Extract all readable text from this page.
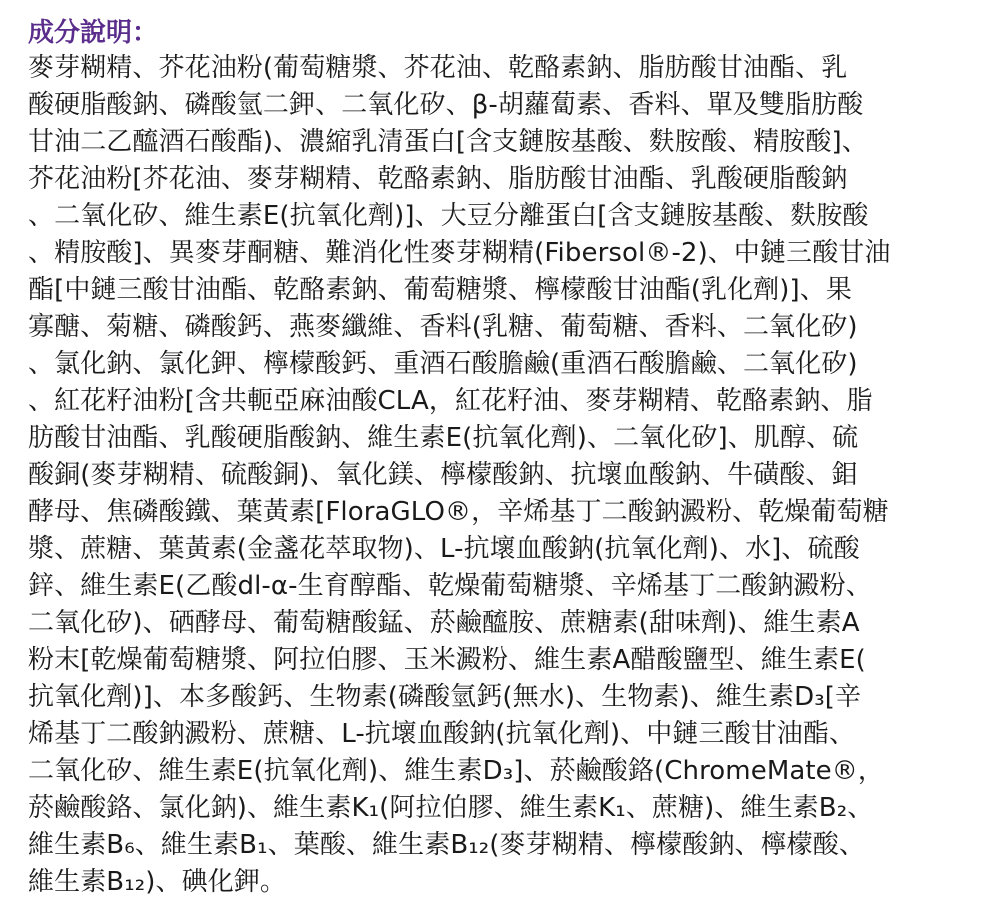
成分說明：
麥芽糊精、芥花油粉(葡萄糖漿、芥花油、乾酪素鈉、脂肪酸甘油酯、乳
酸硬脂酸鈉、磷酸氫二鉀、二氧化矽、β-胡蘿蔔素、香料、單及雙脂肪酸
甘油二乙醯酒石酸酯)、濃縮乳清蛋白[含支鏈胺基酸、麩胺酸、精胺酸]、
芥花油粉[芥花油、麥芽糊精、乾酪素鈉、脂肪酸甘油酯、乳酸硬脂酸鈉
、二氧化矽、維生素E(抗氧化劑)]、大豆分離蛋白[含支鏈胺基酸、麩胺酸
、精胺酸]、異麥芽酮糖、難消化性麥芽糊精(Fibersol®-2)、中鏈三酸甘油
酯[中鏈三酸甘油酯、乾酪素鈉、葡萄糖漿、檸檬酸甘油酯(乳化劑)]、果
寡醣、菊糖、磷酸鈣、燕麥纖維、香料(乳糖、葡萄糖、香料、二氧化矽)
、氯化鈉、氯化鉀、檸檬酸鈣、重酒石酸膽鹼(重酒石酸膽鹼、二氧化矽)
、紅花籽油粉[含共軛亞麻油酸CLA，紅花籽油、麥芽糊精、乾酪素鈉、脂
肪酸甘油酯、乳酸硬脂酸鈉、維生素E(抗氧化劑)、二氧化矽]、肌醇、硫
酸銅(麥芽糊精、硫酸銅)、氧化鎂、檸檬酸鈉、抗壞血酸鈉、牛磺酸、鉬
酵母、焦磷酸鐵、葉黃素[FloraGLO®，辛烯基丁二酸鈉澱粉、乾燥葡萄糖
漿、蔗糖、葉黃素(金盞花萃取物)、L-抗壞血酸鈉(抗氧化劑)、水]、硫酸
鋅、維生素E(乙酸dl-α-生育醇酯、乾燥葡萄糖漿、辛烯基丁二酸鈉澱粉、
二氧化矽)、硒酵母、葡萄糖酸錳、菸鹼醯胺、蔗糖素(甜味劑)、維生素A
粉末[乾燥葡萄糖漿、阿拉伯膠、玉米澱粉、維生素A醋酸鹽型、維生素E(
抗氧化劑)]、本多酸鈣、生物素(磷酸氫鈣(無水)、生物素)、維生素D₃[辛
烯基丁二酸鈉澱粉、蔗糖、L-抗壞血酸鈉(抗氧化劑)、中鏈三酸甘油酯、
二氧化矽、維生素E(抗氧化劑)、維生素D₃]、菸鹼酸鉻(ChromeMate®，
菸鹼酸鉻、氯化鈉)、維生素K₁(阿拉伯膠、維生素K₁、蔗糖)、維生素B₂、
維生素B₆、維生素B₁、葉酸、維生素B₁₂(麥芽糊精、檸檬酸鈉、檸檬酸、
維生素B₁₂)、碘化鉀。
